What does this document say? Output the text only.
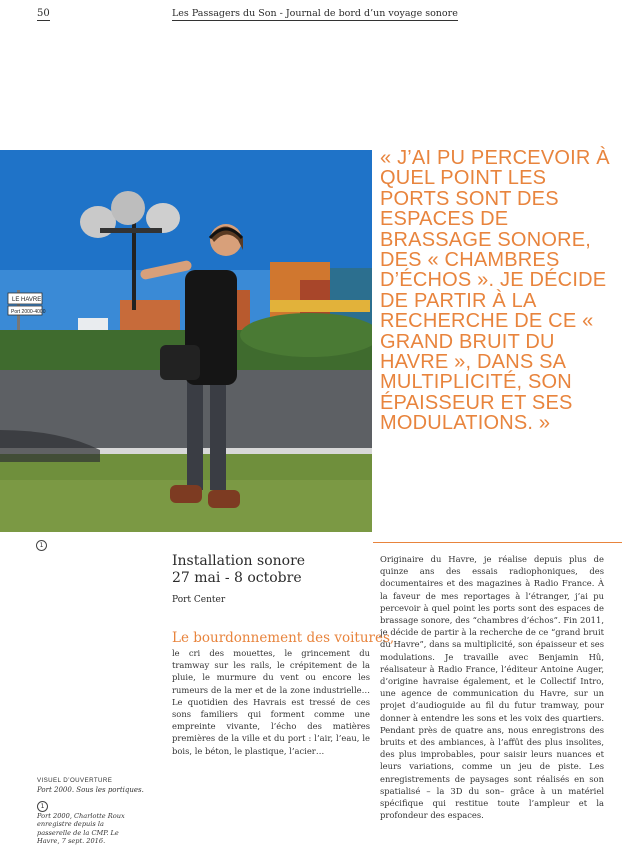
50	Les Passagers du Son - Journal de bord d’un voyage sonore
LE HAVRE
Port 2000-4000
« J’AI PU PERCEVOIR À QUEL POINT LES PORTS SONT DES ESPACES DE BRASSAGE SONORE, DES « CHAMBRES D’ÉCHOS ». JE DÉCIDE DE PARTIR À LA RECHERCHE DE CE « GRAND BRUIT DU HAVRE », DANS SA MULTIPLICITÉ, SON ÉPAISSEUR ET SES MODULATIONS. »
1
Installation sonore
27 mai - 8 octobre
Port Center
Le bourdonnement des voitures,

le cri des mouettes, le grincement du tramway sur les rails, le crépitement de la pluie, le murmure du vent ou encore les rumeurs de la mer et de la zone industrielle… Le quotidien des Havrais est tressé de ces sons familiers qui forment comme une empreinte vivante, l’écho des matières premières de la ville et du port : l’air, l’eau, le bois, le béton, le plastique, l’acier…

Originaire du Havre, je réalise depuis plus de quinze ans des essais radiophoniques, des documentaires et des magazines à Radio France. À la faveur de mes reportages à l’étranger, j’ai pu percevoir à quel point les ports sont des espaces de brassage sonore, des “chambres d’échos”. Fin 2011, je décide de partir à la recherche de ce “grand bruit du Havre”, dans sa multiplicité, son épaisseur et ses modulations. Je travaille avec Benjamin Hû, réalisateur à Radio France, l’éditeur Antoine Auger, d’origine havraise également, et le Collectif Intro, une agence de communication du Havre, sur un projet d’audioguide au fil du futur tramway, pour donner à entendre les sons et les voix des quartiers. Pendant près de quatre ans, nous enregistrons des bruits et des ambiances, à l’affût des plus insolites, des plus improbables, pour saisir leurs nuances et leurs variations, comme un jeu de piste. Les enregistrements de paysages sont réalisés en son spatialisé – la 3D du son– grâce à un matériel spécifique qui restitue toute l’ampleur et la profondeur des espaces.

VISUEL D’OUVERTURE
Port 2000. Sous les portiques.
1
Port 2000, Charlotte Roux enregistre depuis la passerelle de la CMP. Le Havre, 7 sept. 2016.
